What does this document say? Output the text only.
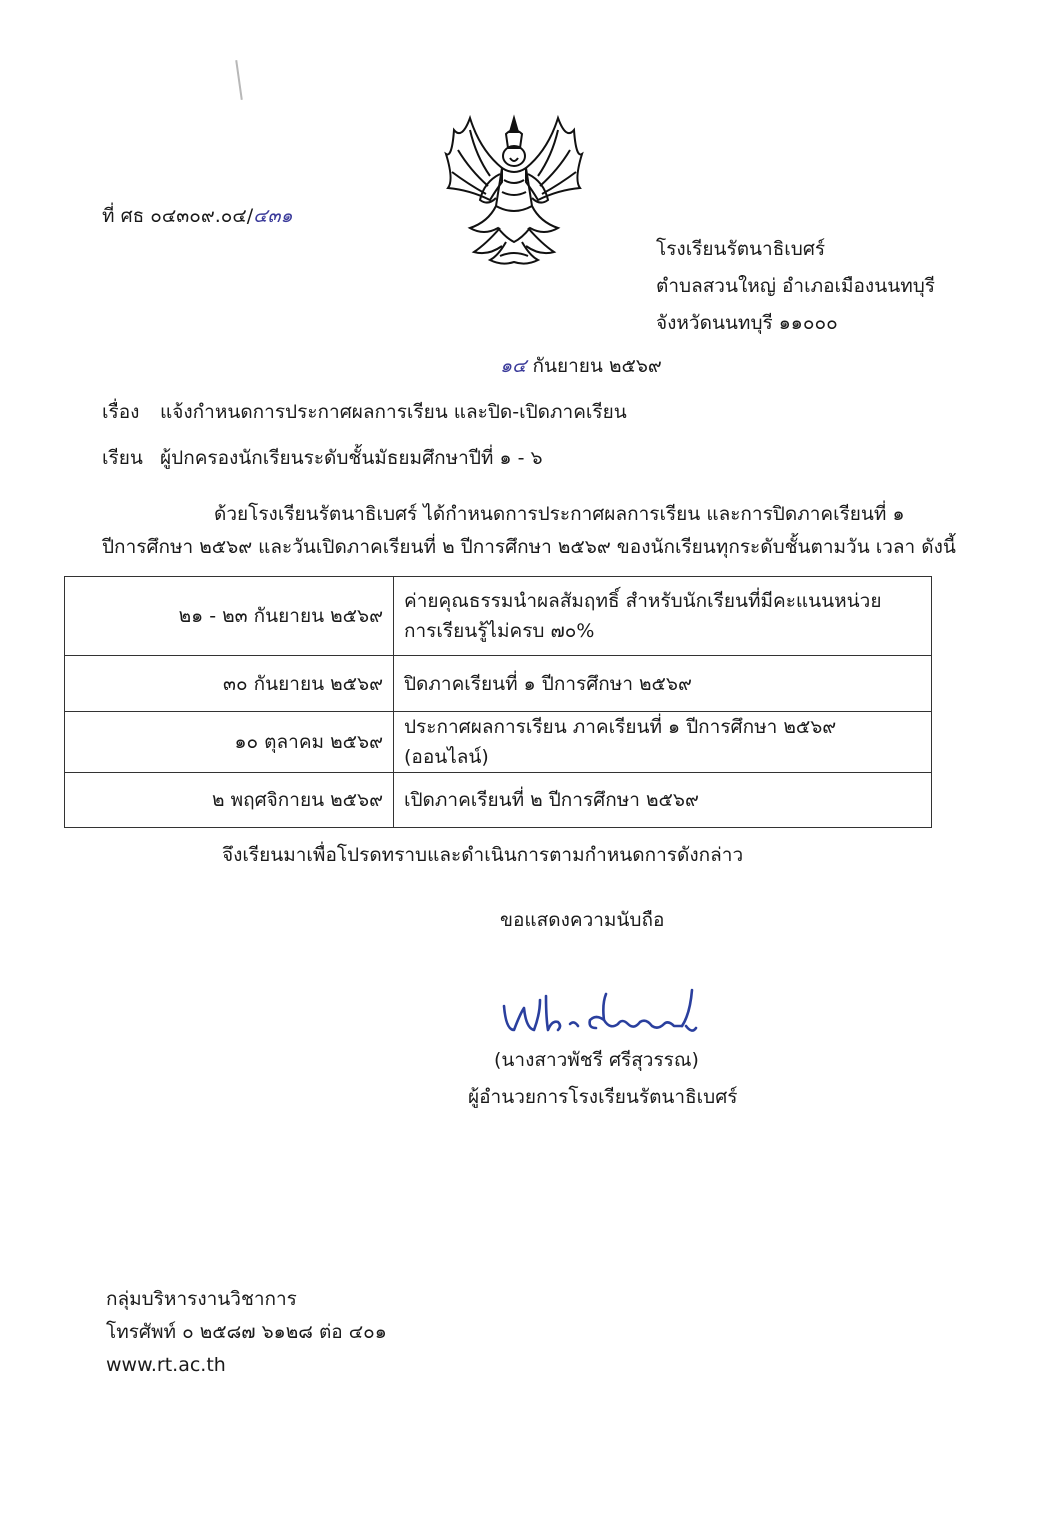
ที่ ศธ ๐๔๓๐๙.๐๔/๔๓๑
โรงเรียนรัตนาธิเบศร์
ตำบลสวนใหญ่ อำเภอเมืองนนทบุรี
จังหวัดนนทบุรี ๑๑๐๐๐
๑๔ กันยายน ๒๕๖๙
เรื่อง แจ้งกำหนดการประกาศผลการเรียน และปิด-เปิดภาคเรียน
เรียน ผู้ปกครองนักเรียนระดับชั้นมัธยมศึกษาปีที่ ๑ - ๖
ด้วยโรงเรียนรัตนาธิเบศร์ ได้กำหนดการประกาศผลการเรียน และการปิดภาคเรียนที่ ๑
ปีการศึกษา ๒๕๖๙ และวันเปิดภาคเรียนที่ ๒ ปีการศึกษา ๒๕๖๙ ของนักเรียนทุกระดับชั้นตามวัน เวลา ดังนี้
๒๑ - ๒๓ กันยายน ๒๕๖๙	ค่ายคุณธรรมนำผลสัมฤทธิ์ สำหรับนักเรียนที่มีคะแนนหน่วย
การเรียนรู้ไม่ครบ ๗๐%

๓๐ กันยายน ๒๕๖๙	ปิดภาคเรียนที่ ๑ ปีการศึกษา ๒๕๖๙
๑๐ ตุลาคม ๒๕๖๙	ประกาศผลการเรียน ภาคเรียนที่ ๑ ปีการศึกษา ๒๕๖๙ (ออนไลน์)
๒ พฤศจิกายน ๒๕๖๙	เปิดภาคเรียนที่ ๒ ปีการศึกษา ๒๕๖๙
จึงเรียนมาเพื่อโปรดทราบและดำเนินการตามกำหนดการดังกล่าว
ขอแสดงความนับถือ
(นางสาวพัชรี ศรีสุวรรณ)
ผู้อำนวยการโรงเรียนรัตนาธิเบศร์
กลุ่มบริหารงานวิชาการ
โทรศัพท์ ๐ ๒๕๘๗ ๖๑๒๘ ต่อ ๔๐๑
www.rt.ac.th
